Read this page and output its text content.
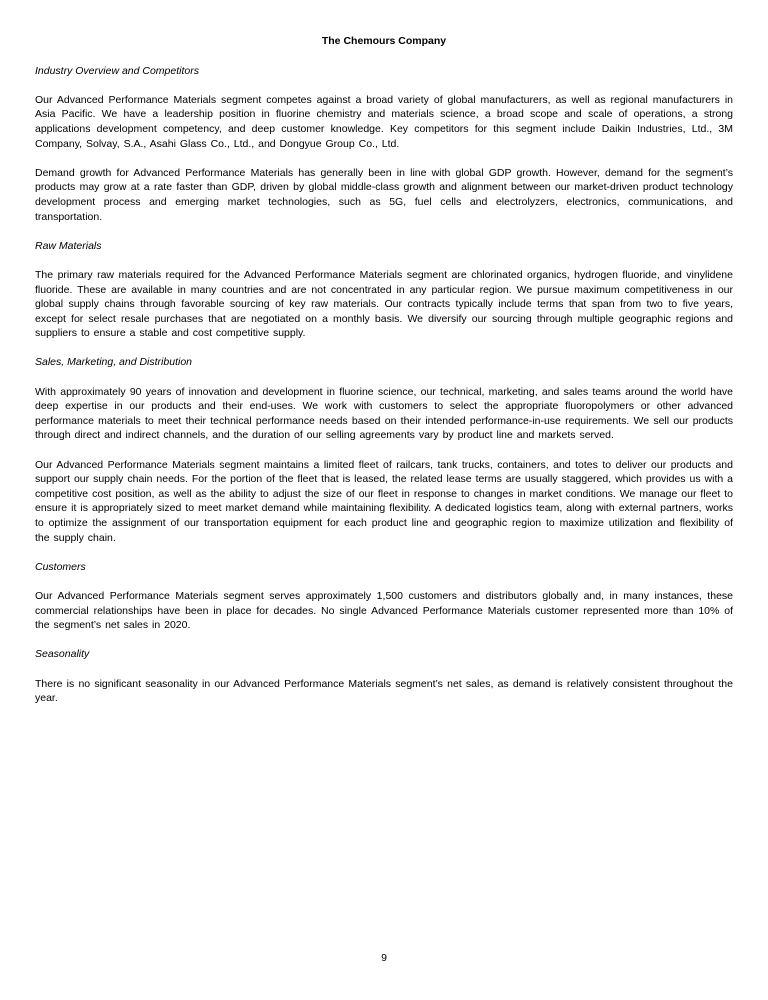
The Chemours Company
Industry Overview and Competitors
Our Advanced Performance Materials segment competes against a broad variety of global manufacturers, as well as regional manufacturers in Asia Pacific. We have a leadership position in fluorine chemistry and materials science, a broad scope and scale of operations, a strong applications development competency, and deep customer knowledge. Key competitors for this segment include Daikin Industries, Ltd., 3M Company, Solvay, S.A., Asahi Glass Co., Ltd., and Dongyue Group Co., Ltd.
Demand growth for Advanced Performance Materials has generally been in line with global GDP growth. However, demand for the segment’s products may grow at a rate faster than GDP, driven by global middle-class growth and alignment between our market-driven product technology development process and emerging market technologies, such as 5G, fuel cells and electrolyzers, electronics, communications, and transportation.
Raw Materials
The primary raw materials required for the Advanced Performance Materials segment are chlorinated organics, hydrogen fluoride, and vinylidene fluoride. These are available in many countries and are not concentrated in any particular region. We pursue maximum competitiveness in our global supply chains through favorable sourcing of key raw materials. Our contracts typically include terms that span from two to five years, except for select resale purchases that are negotiated on a monthly basis. We diversify our sourcing through multiple geographic regions and suppliers to ensure a stable and cost competitive supply.
Sales, Marketing, and Distribution
With approximately 90 years of innovation and development in fluorine science, our technical, marketing, and sales teams around the world have deep expertise in our products and their end-uses. We work with customers to select the appropriate fluoropolymers or other advanced performance materials to meet their technical performance needs based on their intended performance-in-use requirements. We sell our products through direct and indirect channels, and the duration of our selling agreements vary by product line and markets served.
Our Advanced Performance Materials segment maintains a limited fleet of railcars, tank trucks, containers, and totes to deliver our products and support our supply chain needs. For the portion of the fleet that is leased, the related lease terms are usually staggered, which provides us with a competitive cost position, as well as the ability to adjust the size of our fleet in response to changes in market conditions. We manage our fleet to ensure it is appropriately sized to meet market demand while maintaining flexibility. A dedicated logistics team, along with external partners, works to optimize the assignment of our transportation equipment for each product line and geographic region to maximize utilization and flexibility of the supply chain.
Customers
Our Advanced Performance Materials segment serves approximately 1,500 customers and distributors globally and, in many instances, these commercial relationships have been in place for decades. No single Advanced Performance Materials customer represented more than 10% of the segment’s net sales in 2020.
Seasonality
There is no significant seasonality in our Advanced Performance Materials segment’s net sales, as demand is relatively consistent throughout the year.
9
